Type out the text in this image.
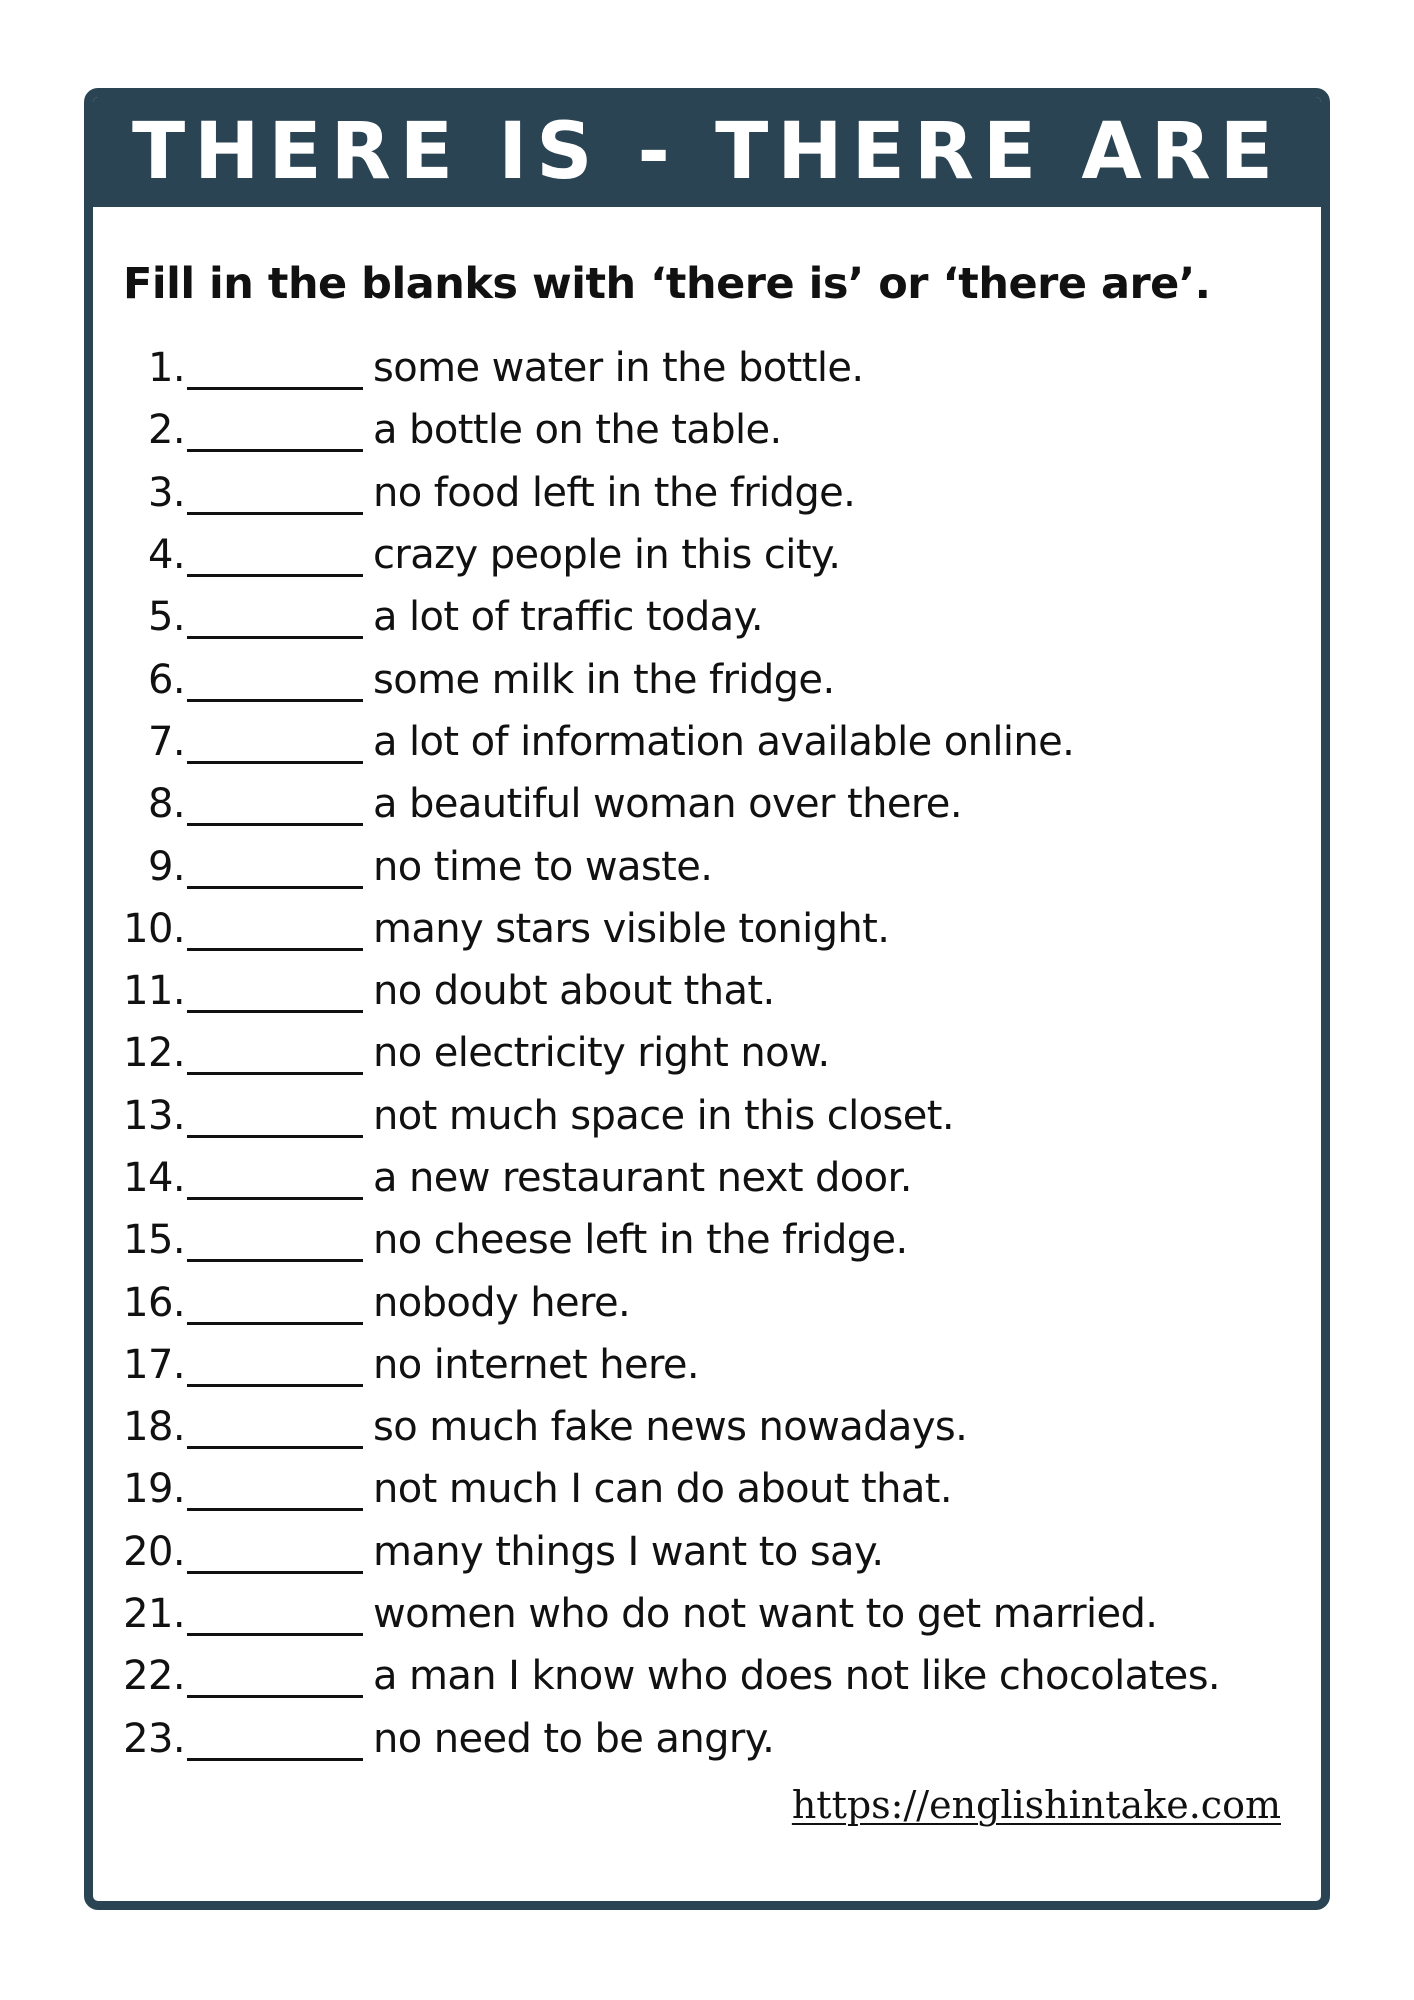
THERE IS - THERE ARE
Fill in the blanks with ‘there is’ or ‘there are’.
1.	some water in the bottle.
2.	a bottle on the table.
3.	no food left in the fridge.
4.	crazy people in this city.
5.	a lot of traffic today.
6.	some milk in the fridge.
7.	a lot of information available online.
8.	a beautiful woman over there.
9.	no time to waste.
10.	many stars visible tonight.
11.	no doubt about that.
12.	no electricity right now.
13.	not much space in this closet.
14.	a new restaurant next door.
15.	no cheese left in the fridge.
16.	nobody here.
17.	no internet here.
18.	so much fake news nowadays.
19.	not much I can do about that.
20.	many things I want to say.
21.	women who do not want to get married.
22.	a man I know who does not like chocolates.
23.	no need to be angry.
https://englishintake.com
